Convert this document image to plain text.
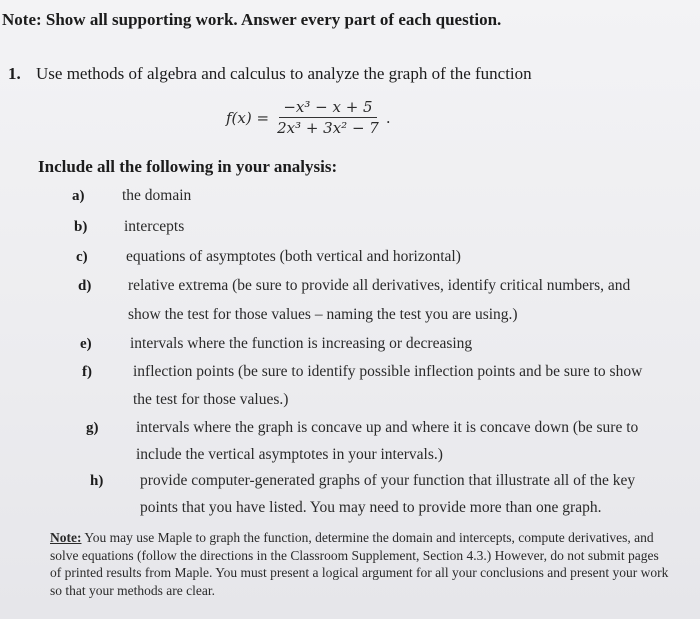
Note: Show all supporting work. Answer every part of each question.
1. Use methods of algebra and calculus to analyze the graph of the function
$f(x) = \frac{\text{−x³ − x + 5}}{\text{2x³ + 3x² − 7}}$ .
Include all the following in your analysis:
a) the domain
b) intercepts
c) equations of asymptotes (both vertical and horizontal)
d) relative extrema (be sure to provide all derivatives, identify critical numbers, and
show the test for those values – naming the test you are using.)
e) intervals where the function is increasing or decreasing
f)	inflection points (be sure to identify possible inflection points and be sure to show
the test for those values.)
g) intervals where the graph is concave up and where it is concave down (be sure to
include the vertical asymptotes in your intervals.)
h) provide computer-generated graphs of your function that illustrate all of the key
points that you have listed. You may need to provide more than one graph.
Note: You may use Maple to graph the function, determine the domain and intercepts, compute derivatives, and solve equations (follow the directions in the Classroom Supplement, Section 4.3.) However, do not submit pages of printed results from Maple. You must present a logical argument for all your conclusions and present your work so that your methods are clear.
